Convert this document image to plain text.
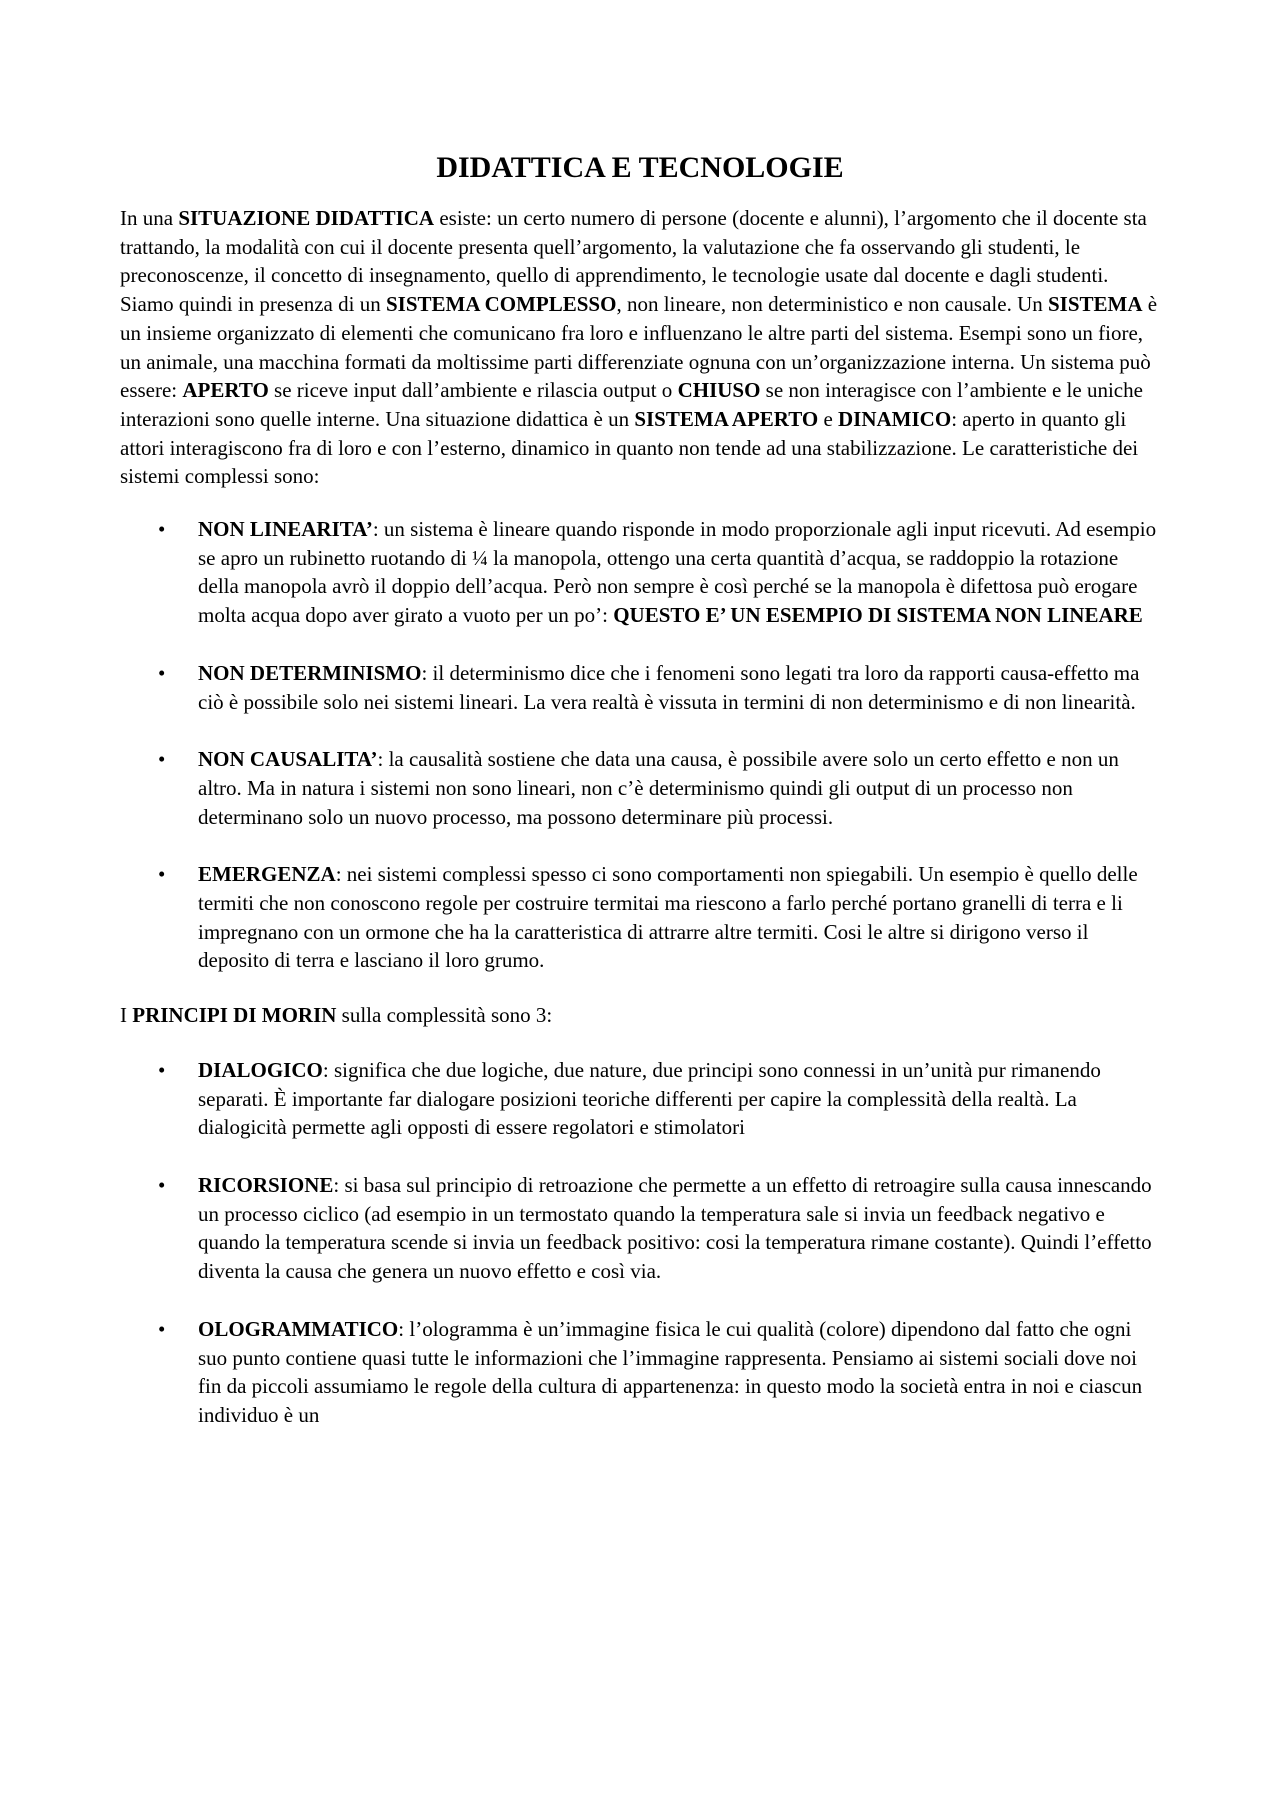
DIDATTICA E TECNOLOGIE

In una SITUAZIONE DIDATTICA esiste: un certo numero di persone (docente e alunni), l’argomento che il docente sta trattando, la modalità con cui il docente presenta quell’argomento, la valutazione che fa osservando gli studenti, le preconoscenze, il concetto di insegnamento, quello di apprendimento, le tecnologie usate dal docente e dagli studenti. Siamo quindi in presenza di un SISTEMA COMPLESSO, non lineare, non deterministico e non causale. Un SISTEMA è un insieme organizzato di elementi che comunicano fra loro e influenzano le altre parti del sistema. Esempi sono un fiore, un animale, una macchina formati da moltissime parti differenziate ognuna con un’organizzazione interna. Un sistema può essere: APERTO se riceve input dall’ambiente e rilascia output o CHIUSO se non interagisce con l’ambiente e le uniche interazioni sono quelle interne. Una situazione didattica è un SISTEMA APERTO e DINAMICO: aperto in quanto gli attori interagiscono fra di loro e con l’esterno, dinamico in quanto non tende ad una stabilizzazione. Le caratteristiche dei sistemi complessi sono:

• NON LINEARITA’: un sistema è lineare quando risponde in modo proporzionale agli input ricevuti. Ad esempio se apro un rubinetto ruotando di ¼ la manopola, ottengo una certa quantità d’acqua, se raddoppio la rotazione della manopola avrò il doppio dell’acqua. Però non sempre è così perché se la manopola è difettosa può erogare molta acqua dopo aver girato a vuoto per un po’: QUESTO E’ UN ESEMPIO DI SISTEMA NON LINEARE
• NON DETERMINISMO: il determinismo dice che i fenomeni sono legati tra loro da rapporti causa-effetto ma ciò è possibile solo nei sistemi lineari. La vera realtà è vissuta in termini di non determinismo e di non linearità.
• NON CAUSALITA’: la causalità sostiene che data una causa, è possibile avere solo un certo effetto e non un altro. Ma in natura i sistemi non sono lineari, non c’è determinismo quindi gli output di un processo non determinano solo un nuovo processo, ma possono determinare più processi.
• EMERGENZA: nei sistemi complessi spesso ci sono comportamenti non spiegabili. Un esempio è quello delle termiti che non conoscono regole per costruire termitai ma riescono a farlo perché portano granelli di terra e li impregnano con un ormone che ha la caratteristica di attrarre altre termiti. Cosi le altre si dirigono verso il deposito di terra e lasciano il loro grumo.

I PRINCIPI DI MORIN sulla complessità sono 3:

• DIALOGICO: significa che due logiche, due nature, due principi sono connessi in un’unità pur rimanendo separati. È importante far dialogare posizioni teoriche differenti per capire la complessità della realtà. La dialogicità permette agli opposti di essere regolatori e stimolatori
• RICORSIONE: si basa sul principio di retroazione che permette a un effetto di retroagire sulla causa innescando un processo ciclico (ad esempio in un termostato quando la temperatura sale si invia un feedback negativo e quando la temperatura scende si invia un feedback positivo: cosi la temperatura rimane costante). Quindi l’effetto diventa la causa che genera un nuovo effetto e così via.
• OLOGRAMMATICO: l’ologramma è un’immagine fisica le cui qualità (colore) dipendono dal fatto che ogni suo punto contiene quasi tutte le informazioni che l’immagine rappresenta. Pensiamo ai sistemi sociali dove noi fin da piccoli assumiamo le regole della cultura di appartenenza: in questo modo la società entra in noi e ciascun individuo è un
